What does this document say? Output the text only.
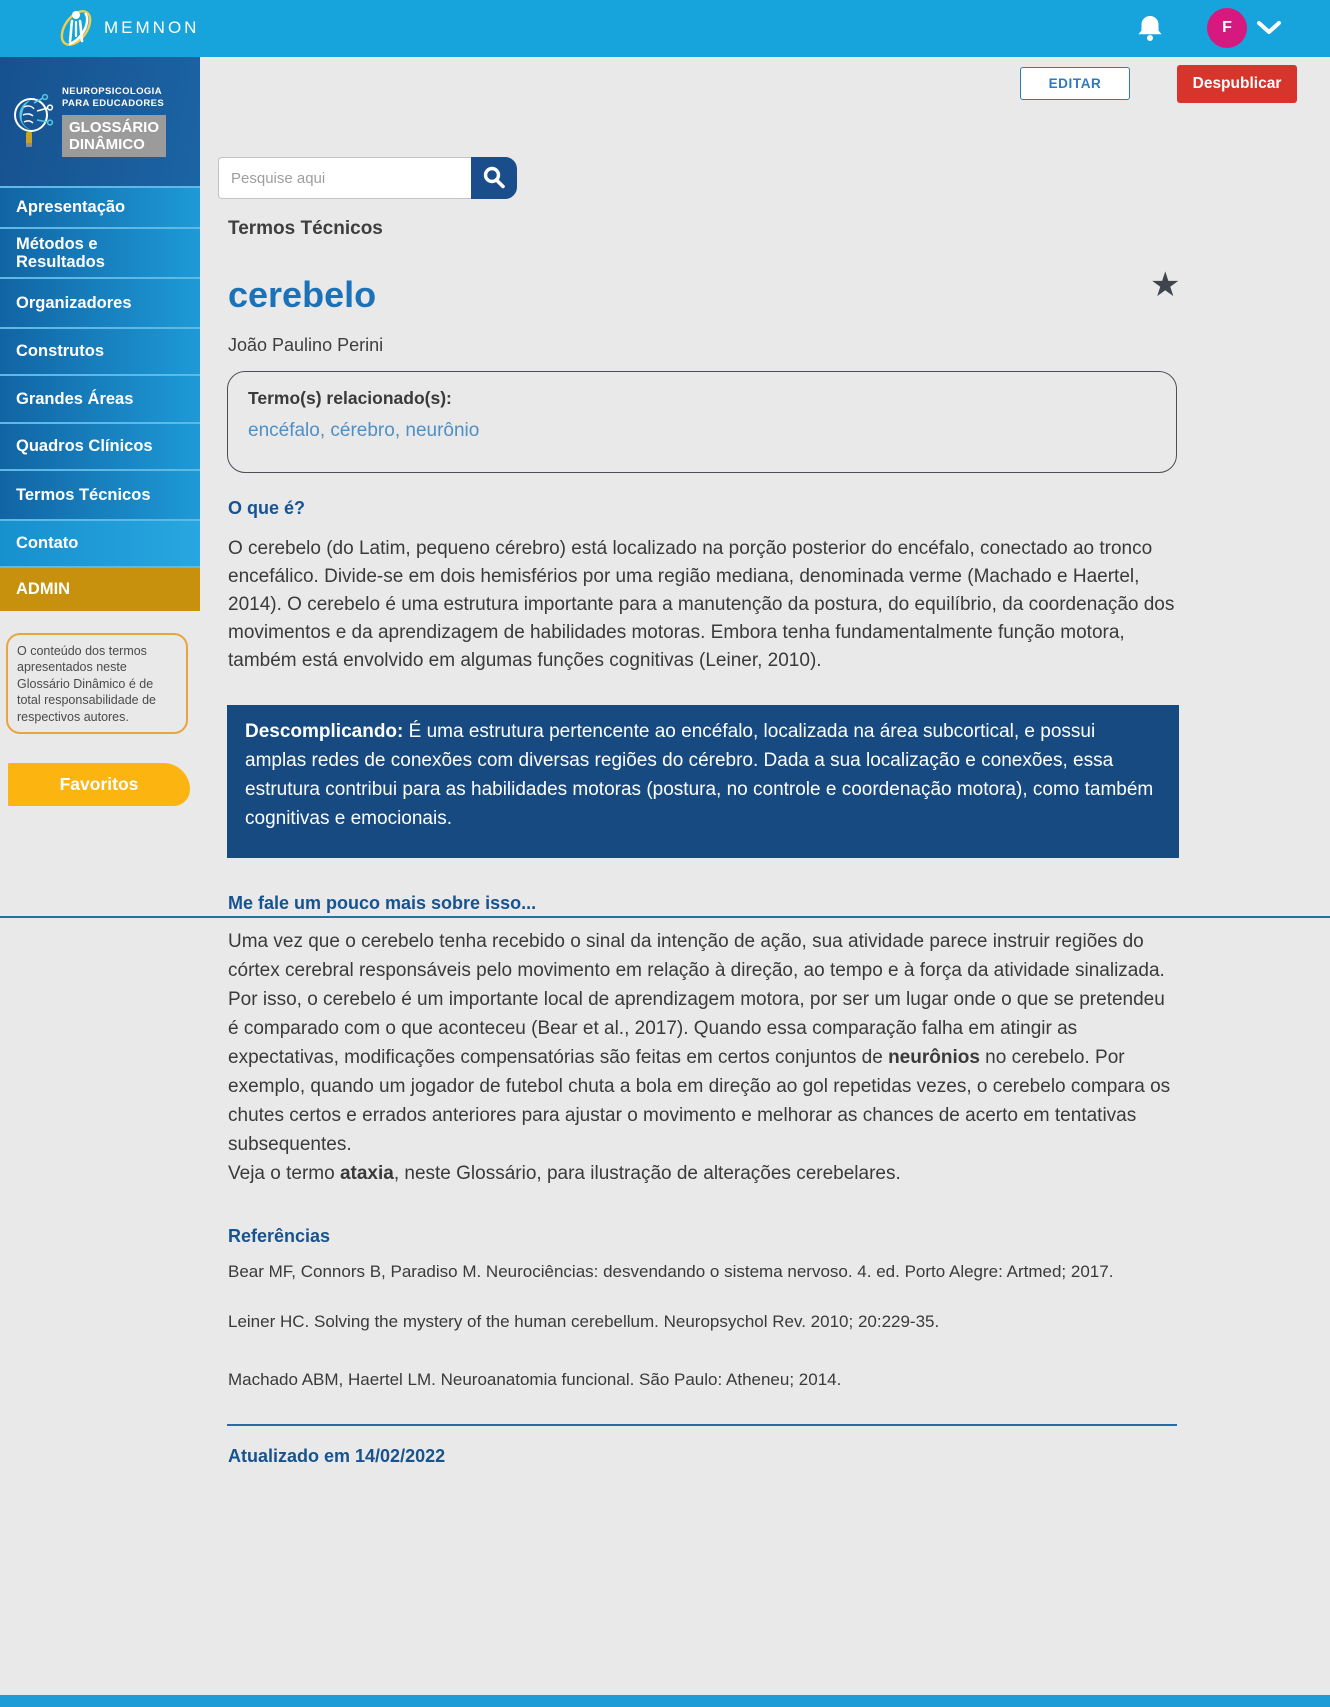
MEMNON	F
NEUROPSICOLOGIA
PARA EDUCADORES
GLOSSÁRIO
DINÂMICO
Apresentação
Métodos e Resultados
Organizadores
Construtos
Grandes Áreas
Quadros Clínicos
Termos Técnicos
Contato
ADMIN
O conteúdo dos termos apresentados neste Glossário Dinâmico é de total responsabilidade de respectivos autores.
Favoritos
EDITAR	Despublicar
Pesquise aqui
Termos Técnicos
cerebelo	★
João Paulino Perini
Termo(s) relacionado(s):
encéfalo, cérebro, neurônio
O que é?

O cerebelo (do Latim, pequeno cérebro) está localizado na porção posterior do encéfalo, conectado ao tronco encefálico. Divide-se em dois hemisférios por uma região mediana, denominada verme (Machado e Haertel, 2014). O cerebelo é uma estrutura importante para a manutenção da postura, do equilíbrio, da coordenação dos movimentos e da aprendizagem de habilidades motoras. Embora tenha fundamentalmente função motora, também está envolvido em algumas funções cognitivas (Leiner, 2010).

Descomplicando: É uma estrutura pertencente ao encéfalo, localizada na área subcortical, e possui amplas redes de conexões com diversas regiões do cérebro. Dada a sua localização e conexões, essa estrutura contribui para as habilidades motoras (postura, no controle e coordenação motora), como também cognitivas e emocionais.
Me fale um pouco mais sobre isso...

Uma vez que o cerebelo tenha recebido o sinal da intenção de ação, sua atividade parece instruir regiões do córtex cerebral responsáveis pelo movimento em relação à direção, ao tempo e à força da atividade sinalizada. Por isso, o cerebelo é um importante local de aprendizagem motora, por ser um lugar onde o que se pretendeu é comparado com o que aconteceu (Bear et al., 2017). Quando essa comparação falha em atingir as expectativas, modificações compensatórias são feitas em certos conjuntos de neurônios no cerebelo. Por exemplo, quando um jogador de futebol chuta a bola em direção ao gol repetidas vezes, o cerebelo compara os chutes certos e errados anteriores para ajustar o movimento e melhorar as chances de acerto em tentativas subsequentes.
Veja o termo ataxia, neste Glossário, para ilustração de alterações cerebelares.

Referências

Bear MF, Connors B, Paradiso M. Neurociências: desvendando o sistema nervoso. 4. ed. Porto Alegre: Artmed; 2017.

Leiner HC. Solving the mystery of the human cerebellum. Neuropsychol Rev. 2010; 20:229-35.

Machado ABM, Haertel LM. Neuroanatomia funcional. São Paulo: Atheneu; 2014.

Atualizado em 14/02/2022
